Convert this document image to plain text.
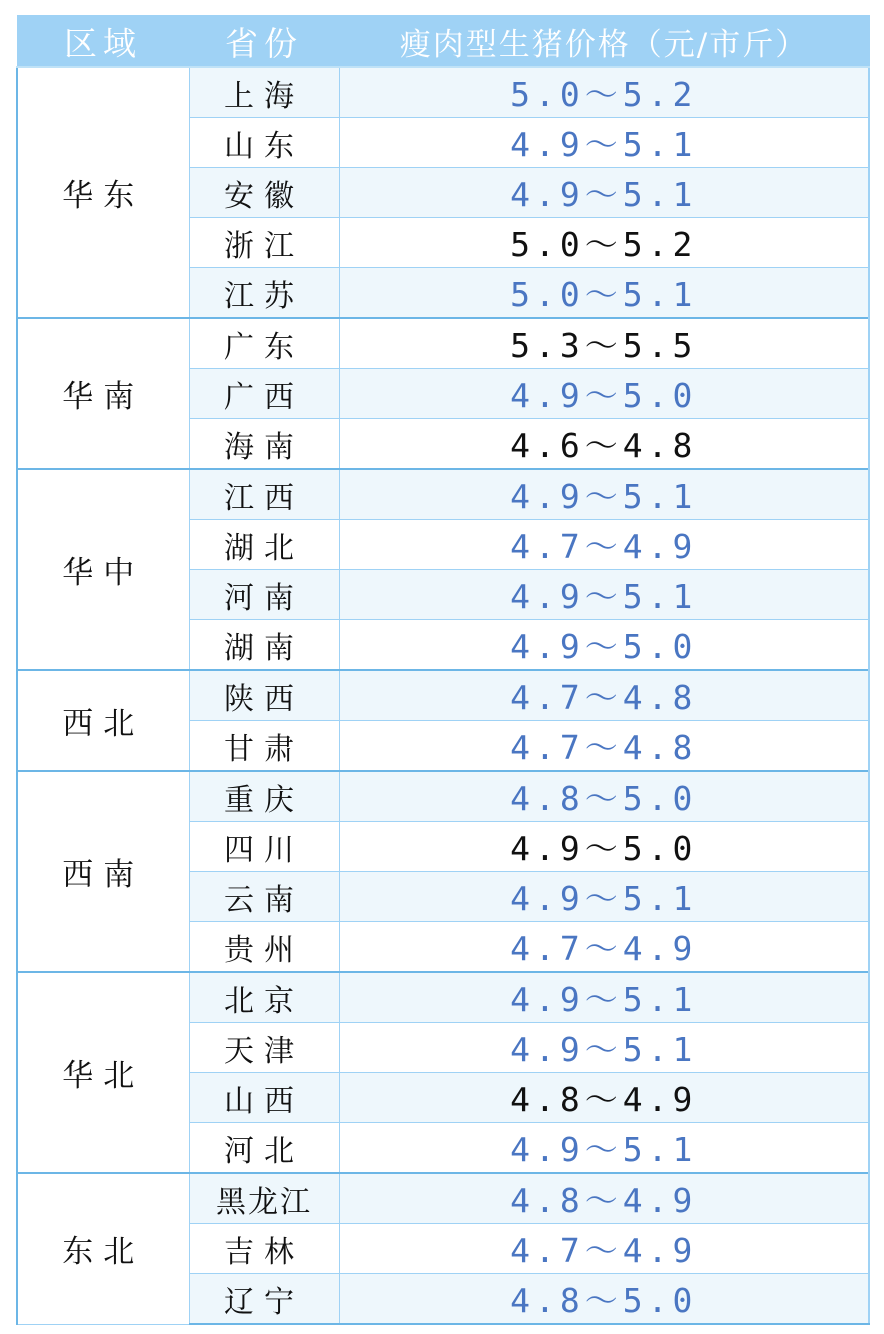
区域	省份	瘦肉型生猪价格（元/市斤）
华东	上海	5.0～5.2
	山东	4.9～5.1
	安徽	4.9～5.1
	浙江	5.0～5.2
	江苏	5.0～5.1
华南	广东	5.3～5.5
	广西	4.9～5.0
	海南	4.6～4.8
华中	江西	4.9～5.1
	湖北	4.7～4.9
	河南	4.9～5.1
	湖南	4.9～5.0
西北	陕西	4.7～4.8
	甘肃	4.7～4.8
西南	重庆	4.8～5.0
	四川	4.9～5.0
	云南	4.9～5.1
	贵州	4.7～4.9
华北	北京	4.9～5.1
	天津	4.9～5.1
	山西	4.8～4.9
	河北	4.9～5.1
东北	黑龙江	4.8～4.9
	吉林	4.7～4.9
	辽宁	4.8～5.0
